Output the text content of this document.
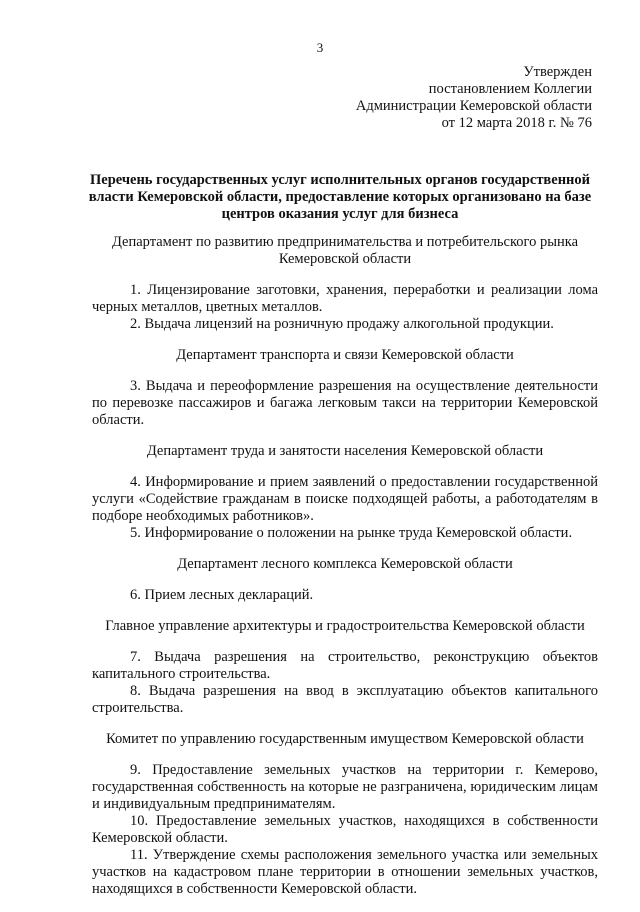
3
Утвержден
постановлением Коллегии
Администрации Кемеровской области
от 12 марта 2018 г. № 76
Перечень государственных услуг исполнительных органов государственной власти Кемеровской области, предоставление которых организовано на базе центров оказания услуг для бизнеса
Департамент по развитию предпринимательства и потребительского рынка Кемеровской области

1. Лицензирование заготовки, хранения, переработки и реализации лома черных металлов, цветных металлов.

2. Выдача лицензий на розничную продажу алкогольной продукции.

Департамент транспорта и связи Кемеровской области

3. Выдача и переоформление разрешения на осуществление деятельности по перевозке пассажиров и багажа легковым такси на территории Кемеровской области.

Департамент труда и занятости населения Кемеровской области

4. Информирование и прием заявлений о предоставлении государственной услуги «Содействие гражданам в поиске подходящей работы, а работодателям в подборе необходимых работников».

5. Информирование о положении на рынке труда Кемеровской области.

Департамент лесного комплекса Кемеровской области

6. Прием лесных деклараций.

Главное управление архитектуры и градостроительства Кемеровской области

7. Выдача разрешения на строительство, реконструкцию объектов капитального строительства.

8. Выдача разрешения на ввод в эксплуатацию объектов капитального строительства.

Комитет по управлению государственным имуществом Кемеровской области

9. Предоставление земельных участков на территории г. Кемерово, государственная собственность на которые не разграничена, юридическим лицам и индивидуальным предпринимателям.

10. Предоставление земельных участков, находящихся в собственности Кемеровской области.

11. Утверждение схемы расположения земельного участка или земельных участков на кадастровом плане территории в отношении земельных участков, находящихся в собственности Кемеровской области.
